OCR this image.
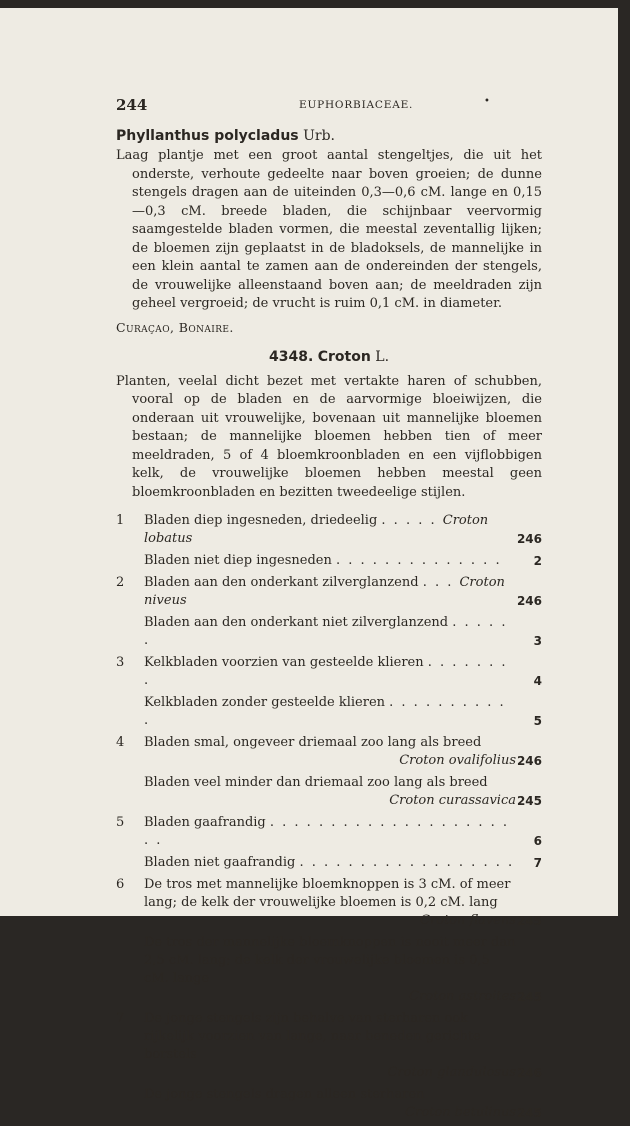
244	EUPHORBIACEAE.	•
Phyllanthus polycladus Urb.

Laag plantje met een groot aantal stengeltjes, die uit het onderste, verhoute gedeelte naar boven groeien; de dunne stengels dragen aan de uiteinden 0,3—0,6 cM. lange en 0,15—0,3 cM. breede bladen, die schijnbaar veervormig saamgestelde bladen vormen, die meestal zeventallig lijken; de bloemen zijn geplaatst in de bladoksels, de mannelijke in een klein aantal te zamen aan de ondereinden der stengels, de vrouwelijke alleenstaand boven aan; de meeldraden zijn geheel vergroeid; de vrucht is ruim 0,1 cM. in diameter.

Curaçao, Bonaire.
4348. Croton L.

Planten, veelal dicht bezet met vertakte haren of schubben, vooral op de bladen en de aarvormige bloeiwijzen, die onderaan uit vrouwelijke, bovenaan uit mannelijke bloemen bestaan; de mannelijke bloemen hebben tien of meer meeldraden, 5 of 4 bloemkroonbladen en een vijflobbigen kelk, de vrouwelijke bloemen hebben meestal geen bloemkroonbladen en bezitten tweedeelige stijlen.

1 Bladen diep ingesneden, driedeelig . . . . . Croton lobatus	246
Bladen niet diep ingesneden . . . . . . . . . . . . . .	2
2 Bladen aan den onderkant zilverglanzend . . . Croton niveus	246
Bladen aan den onderkant niet zilverglanzend . . . . . .	3
3 Kelkbladen voorzien van gesteelde klieren . . . . . . . .	4
Kelkbladen zonder gesteelde klieren . . . . . . . . . . .	5
4 Bladen smal, ongeveer driemaal zoo lang als breed
Croton ovalifolius 246
Bladen veel minder dan driemaal zoo lang als breed
Croton curassavica 245
5 Bladen gaafrandig . . . . . . . . . . . . . . . . . . . . . .	6
Bladen niet gaafrandig . . . . . . . . . . . . . . . . . . 7
6 De tros met mannelijke bloemknoppen is 3 cM. of meer lang; de kelk der vrouwelijke bloemen is 0,2 cM. lang
Croton flavens 245
De tros der mannelijke bloemknoppen is nooit meer dan 2,5 cM. lang; de kelk der vrouwelijke bloemen is 0,5 cM. lange
Croton astroites 245
7 De jonge stengels zijn behalve van sterharen ook rijkelijk voorzien van lange, naar beneden gerichte borstels
Croton glandulosus 246
De jonge stengels dragen alleen sterharen
Croton betulinus 245
